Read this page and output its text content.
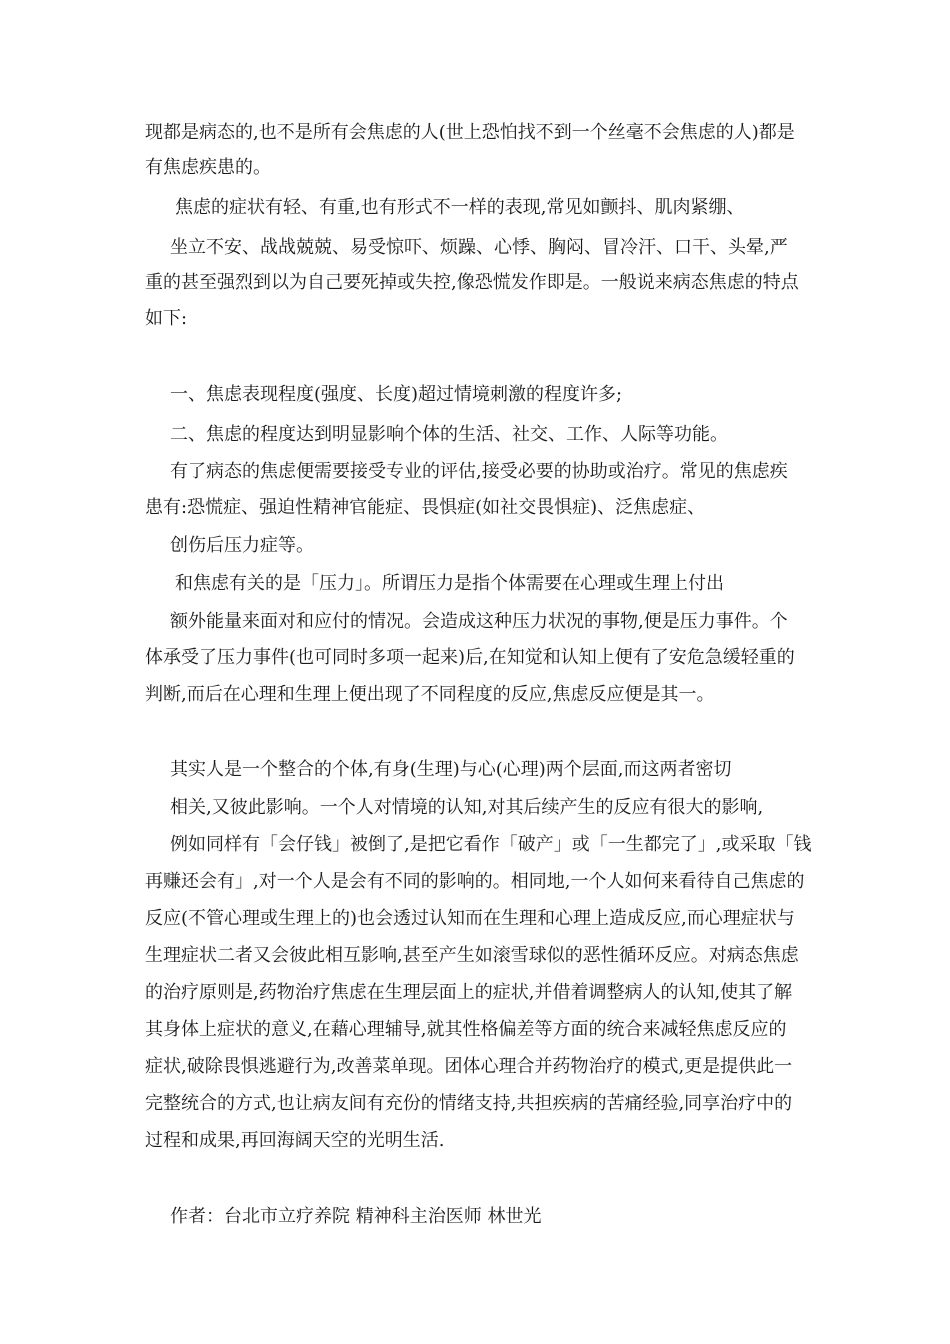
现都是病态的,也不是所有会焦虑的人(世上恐怕找不到一个丝毫不会焦虑的人)都是
有焦虑疾患的。
焦虑的症状有轻、有重,也有形式不一样的表现,常见如颤抖、肌肉紧绷、
坐立不安、战战兢兢、易受惊吓、烦躁、心悸、胸闷、冒冷汗、口干、头晕,严
重的甚至强烈到以为自己要死掉或失控,像恐慌发作即是。一般说来病态焦虑的特点
如下:
一、焦虑表现程度(强度、长度)超过情境刺激的程度许多;
二、焦虑的程度达到明显影响个体的生活、社交、工作、人际等功能。
有了病态的焦虑便需要接受专业的评估,接受必要的协助或治疗。常见的焦虑疾
患有:恐慌症、强迫性精神官能症、畏惧症(如社交畏惧症)、泛焦虑症、
创伤后压力症等。
和焦虑有关的是「压力」。所谓压力是指个体需要在心理或生理上付出
额外能量来面对和应付的情况。会造成这种压力状况的事物,便是压力事件。个
体承受了压力事件(也可同时多项一起来)后,在知觉和认知上便有了安危急缓轻重的
判断,而后在心理和生理上便出现了不同程度的反应,焦虑反应便是其一。
其实人是一个整合的个体,有身(生理)与心(心理)两个层面,而这两者密切
相关,又彼此影响。一个人对情境的认知,对其后续产生的反应有很大的影响,
例如同样有「会仔钱」被倒了,是把它看作「破产」或「一生都完了」,或采取「钱
再赚还会有」,对一个人是会有不同的影响的。相同地,一个人如何来看待自己焦虑的
反应(不管心理或生理上的)也会透过认知而在生理和心理上造成反应,而心理症状与
生理症状二者又会彼此相互影响,甚至产生如滚雪球似的恶性循环反应。对病态焦虑
的治疗原则是,药物治疗焦虑在生理层面上的症状,并借着调整病人的认知,使其了解
其身体上症状的意义,在藉心理辅导,就其性格偏差等方面的统合来减轻焦虑反应的
症状,破除畏惧逃避行为,改善菜单现。团体心理合并药物治疗的模式,更是提供此一
完整统合的方式,也让病友间有充份的情绪支持,共担疾病的苦痛经验,同享治疗中的
过程和成果,再回海阔天空的光明生活.
作者：台北市立疗养院 精神科主治医师 林世光
